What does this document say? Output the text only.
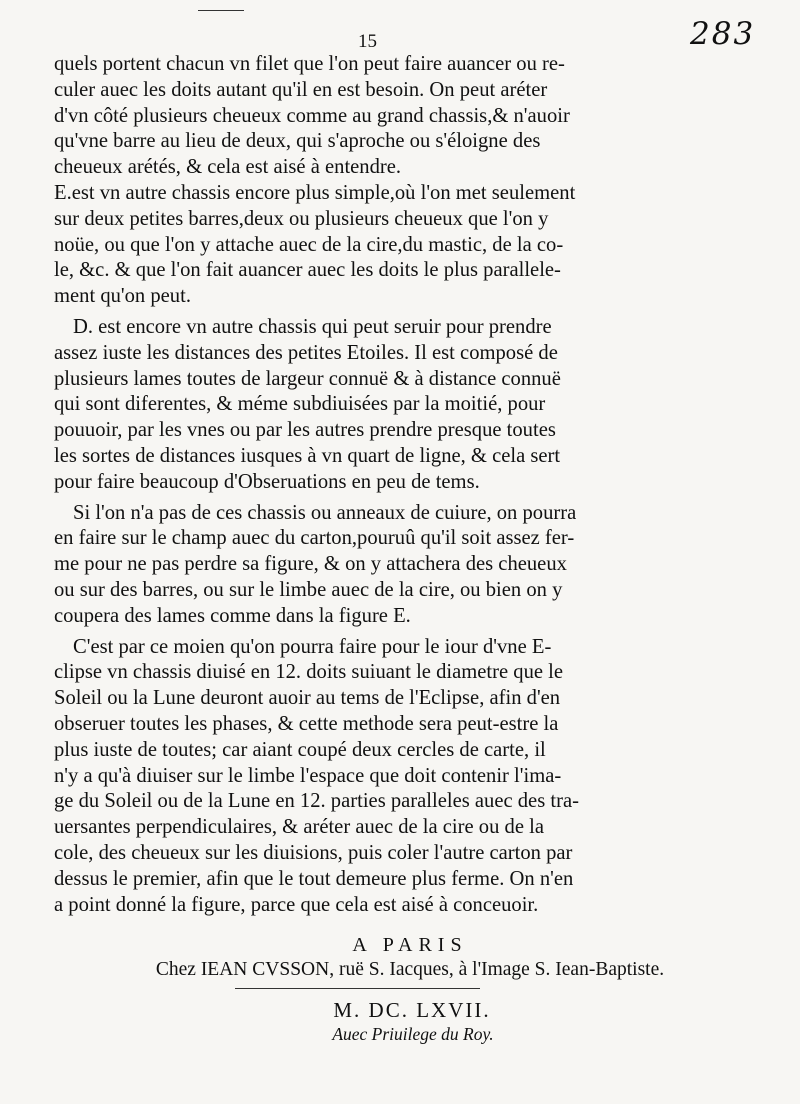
15	283
quels portent chacun vn filet que l'on peut faire auancer ou re-
culer auec les doits autant qu'il en est besoin. On peut aréter
d'vn côté plusieurs cheueux comme au grand chassis,& n'auoir
qu'vne barre au lieu de deux, qui s'aproche ou s'éloigne des
cheueux arétés, & cela est aisé à entendre.
E.est vn autre chassis encore plus simple,où l'on met seulement
sur deux petites barres,deux ou plusieurs cheueux que l'on y
noüe, ou que l'on y attache auec de la cire,du mastic, de la co-
le, &c. & que l'on fait auancer auec les doits le plus parallele-
ment qu'on peut.
D. est encore vn autre chassis qui peut seruir pour prendre
assez iuste les distances des petites Etoiles. Il est composé de
plusieurs lames toutes de largeur connuë & à distance connuë
qui sont diferentes, & méme subdiuisées par la moitié, pour
pouuoir, par les vnes ou par les autres prendre presque toutes
les sortes de distances iusques à vn quart de ligne, & cela sert
pour faire beaucoup d'Obseruations en peu de tems.
Si l'on n'a pas de ces chassis ou anneaux de cuiure, on pourra
en faire sur le champ auec du carton,pouruû qu'il soit assez fer-
me pour ne pas perdre sa figure, & on y attachera des cheueux
ou sur des barres, ou sur le limbe auec de la cire, ou bien on y
coupera des lames comme dans la figure E.
C'est par ce moien qu'on pourra faire pour le iour d'vne E-
clipse vn chassis diuisé en 12. doits suiuant le diametre que le
Soleil ou la Lune deuront auoir au tems de l'Eclipse, afin d'en
obseruer toutes les phases, & cette methode sera peut-estre la
plus iuste de toutes; car aiant coupé deux cercles de carte, il
n'y a qu'à diuiser sur le limbe l'espace que doit contenir l'ima-
ge du Soleil ou de la Lune en 12. parties paralleles auec des tra-
uersantes perpendiculaires, & aréter auec de la cire ou de la
cole, des cheueux sur les diuisions, puis coler l'autre carton par
dessus le premier, afin que le tout demeure plus ferme. On n'en
a point donné la figure, parce que cela est aisé à conceuoir.
A PARIS
Chez IEAN CVSSON, ruë S. Iacques, à l'Image S. Iean-Baptiste.
M. DC. LXVII.
Auec Priuilege du Roy.
